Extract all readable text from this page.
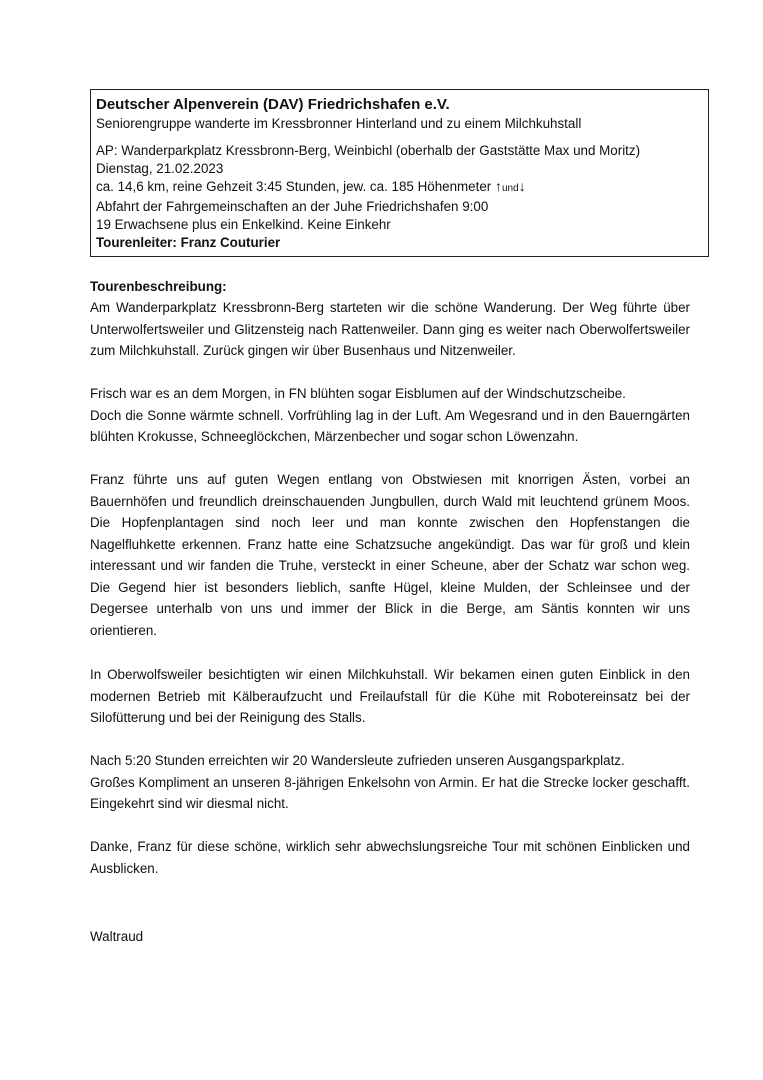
Deutscher Alpenverein (DAV) Friedrichshafen e.V.
Seniorengruppe wanderte im Kressbronner Hinterland und zu einem Milchkuhstall
AP: Wanderparkplatz Kressbronn-Berg, Weinbichl (oberhalb der Gaststätte Max und Moritz)
Dienstag, 21.02.2023
ca. 14,6 km, reine Gehzeit 3:45 Stunden, jew. ca. 185 Höhenmeter ↑und↓
Abfahrt der Fahrgemeinschaften an der Juhe Friedrichshafen 9:00
19 Erwachsene plus ein Enkelkind. Keine Einkehr
Tourenleiter: Franz Couturier
Tourenbeschreibung:

Am Wanderparkplatz Kressbronn-Berg starteten wir die schöne Wanderung. Der Weg führte über Unterwolfertsweiler und Glitzensteig nach Rattenweiler. Dann ging es weiter nach Oberwolfertsweiler zum Milchkuhstall. Zurück gingen wir über Busenhaus und Nitzenweiler.

Frisch war es an dem Morgen, in FN blühten sogar Eisblumen auf der Windschutzscheibe.

Doch die Sonne wärmte schnell. Vorfrühling lag in der Luft. Am Wegesrand und in den Bauerngärten blühten Krokusse, Schneeglöckchen, Märzenbecher und sogar schon Löwenzahn.

Franz führte uns auf guten Wegen entlang von Obstwiesen mit knorrigen Ästen, vorbei an Bauernhöfen und freundlich dreinschauenden Jungbullen, durch Wald mit leuchtend grünem Moos. Die Hopfenplantagen sind noch leer und man konnte zwischen den Hopfenstangen die Nagelfluhkette erkennen. Franz hatte eine Schatzsuche angekündigt. Das war für groß und klein interessant und wir fanden die Truhe, versteckt in einer Scheune, aber der Schatz war schon weg. Die Gegend hier ist besonders lieblich, sanfte Hügel, kleine Mulden, der Schleinsee und der Degersee unterhalb von uns und immer der Blick in die Berge, am Säntis konnten wir uns orientieren.

In Oberwolfsweiler besichtigten wir einen Milchkuhstall. Wir bekamen einen guten Einblick in den modernen Betrieb mit Kälberaufzucht und Freilaufstall für die Kühe mit Robotereinsatz bei der Silofütterung und bei der Reinigung des Stalls.

Nach 5:20 Stunden erreichten wir 20 Wandersleute zufrieden unseren Ausgangsparkplatz.

Großes Kompliment an unseren 8-jährigen Enkelsohn von Armin. Er hat die Strecke locker geschafft. Eingekehrt sind wir diesmal nicht.

Danke, Franz für diese schöne, wirklich sehr abwechslungsreiche Tour mit schönen Einblicken und Ausblicken.

Waltraud
